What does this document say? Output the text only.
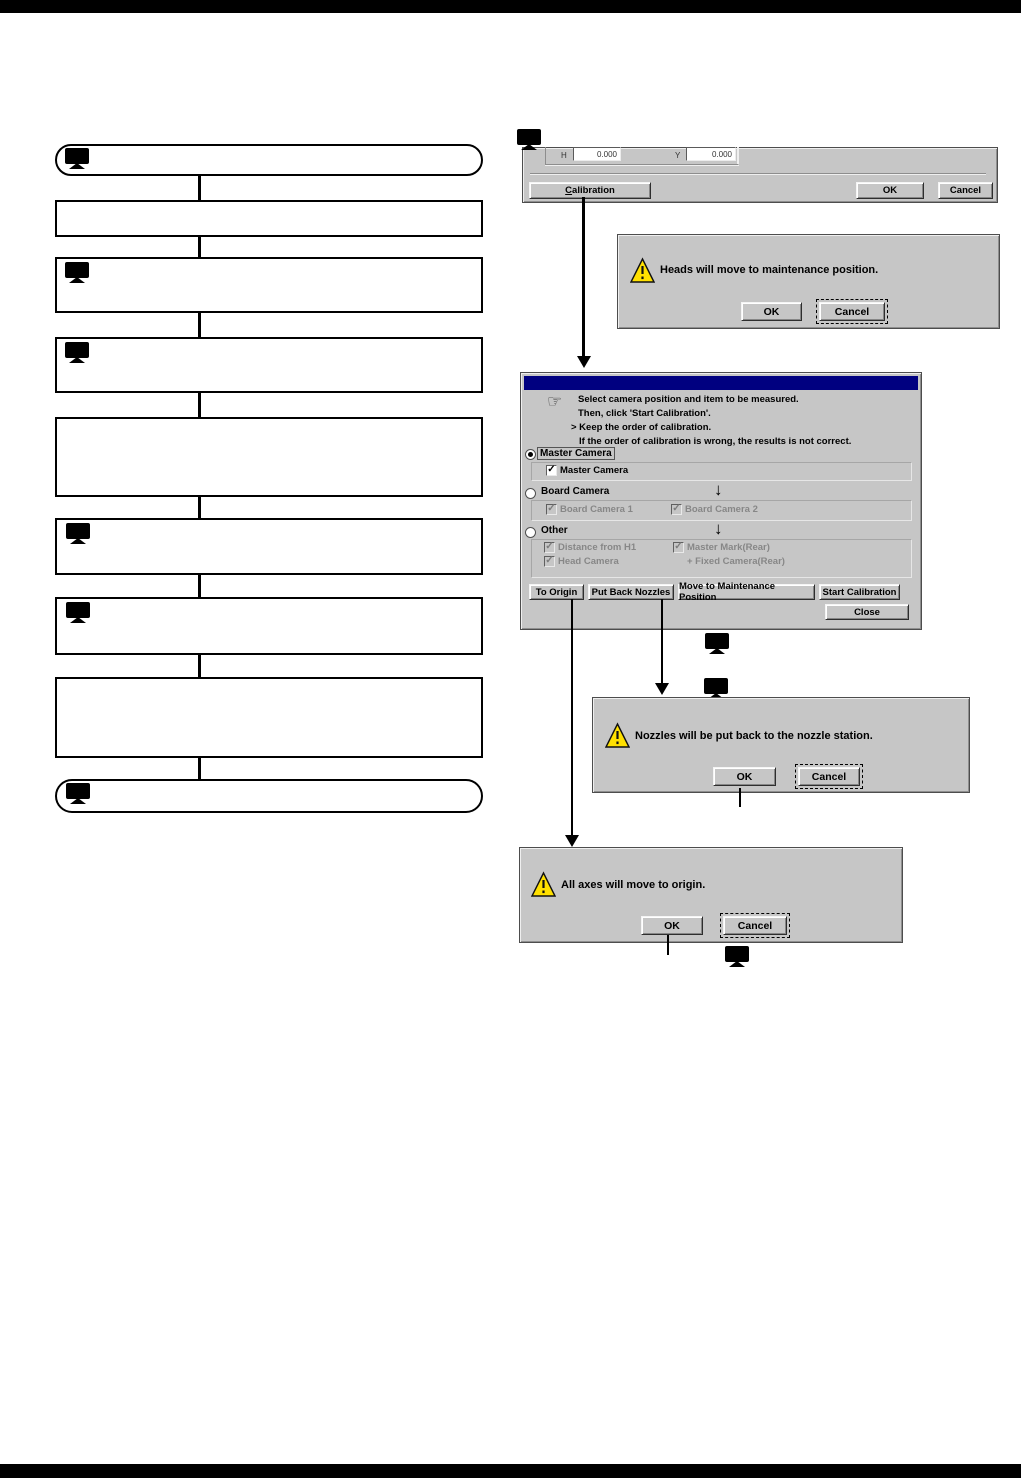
H	0.000	Y	0.000
C alibration	OK	Cancel
Heads will move to maintenance position.
OK	Cancel
☞ Select camera position and item to be measured.
Then, click 'Start Calibration'.
> Keep the order of calibration.
If the order of calibration is wrong, the results is not correct.
Master Camera
✓ Master Camera
Board Camera	↓
✓ Board Camera 1	✓ Board Camera 2
Other	↓
✓ Distance from H1	✓ Master Mark(Rear)
✓ Head Camera	+ Fixed Camera(Rear)
To Origin	Put Back Nozzles Move to Maintenance Position	Start Calibration
Close
Nozzles will be put back to the nozzle station.
OK	Cancel
All axes will move to origin.
OK	Cancel
